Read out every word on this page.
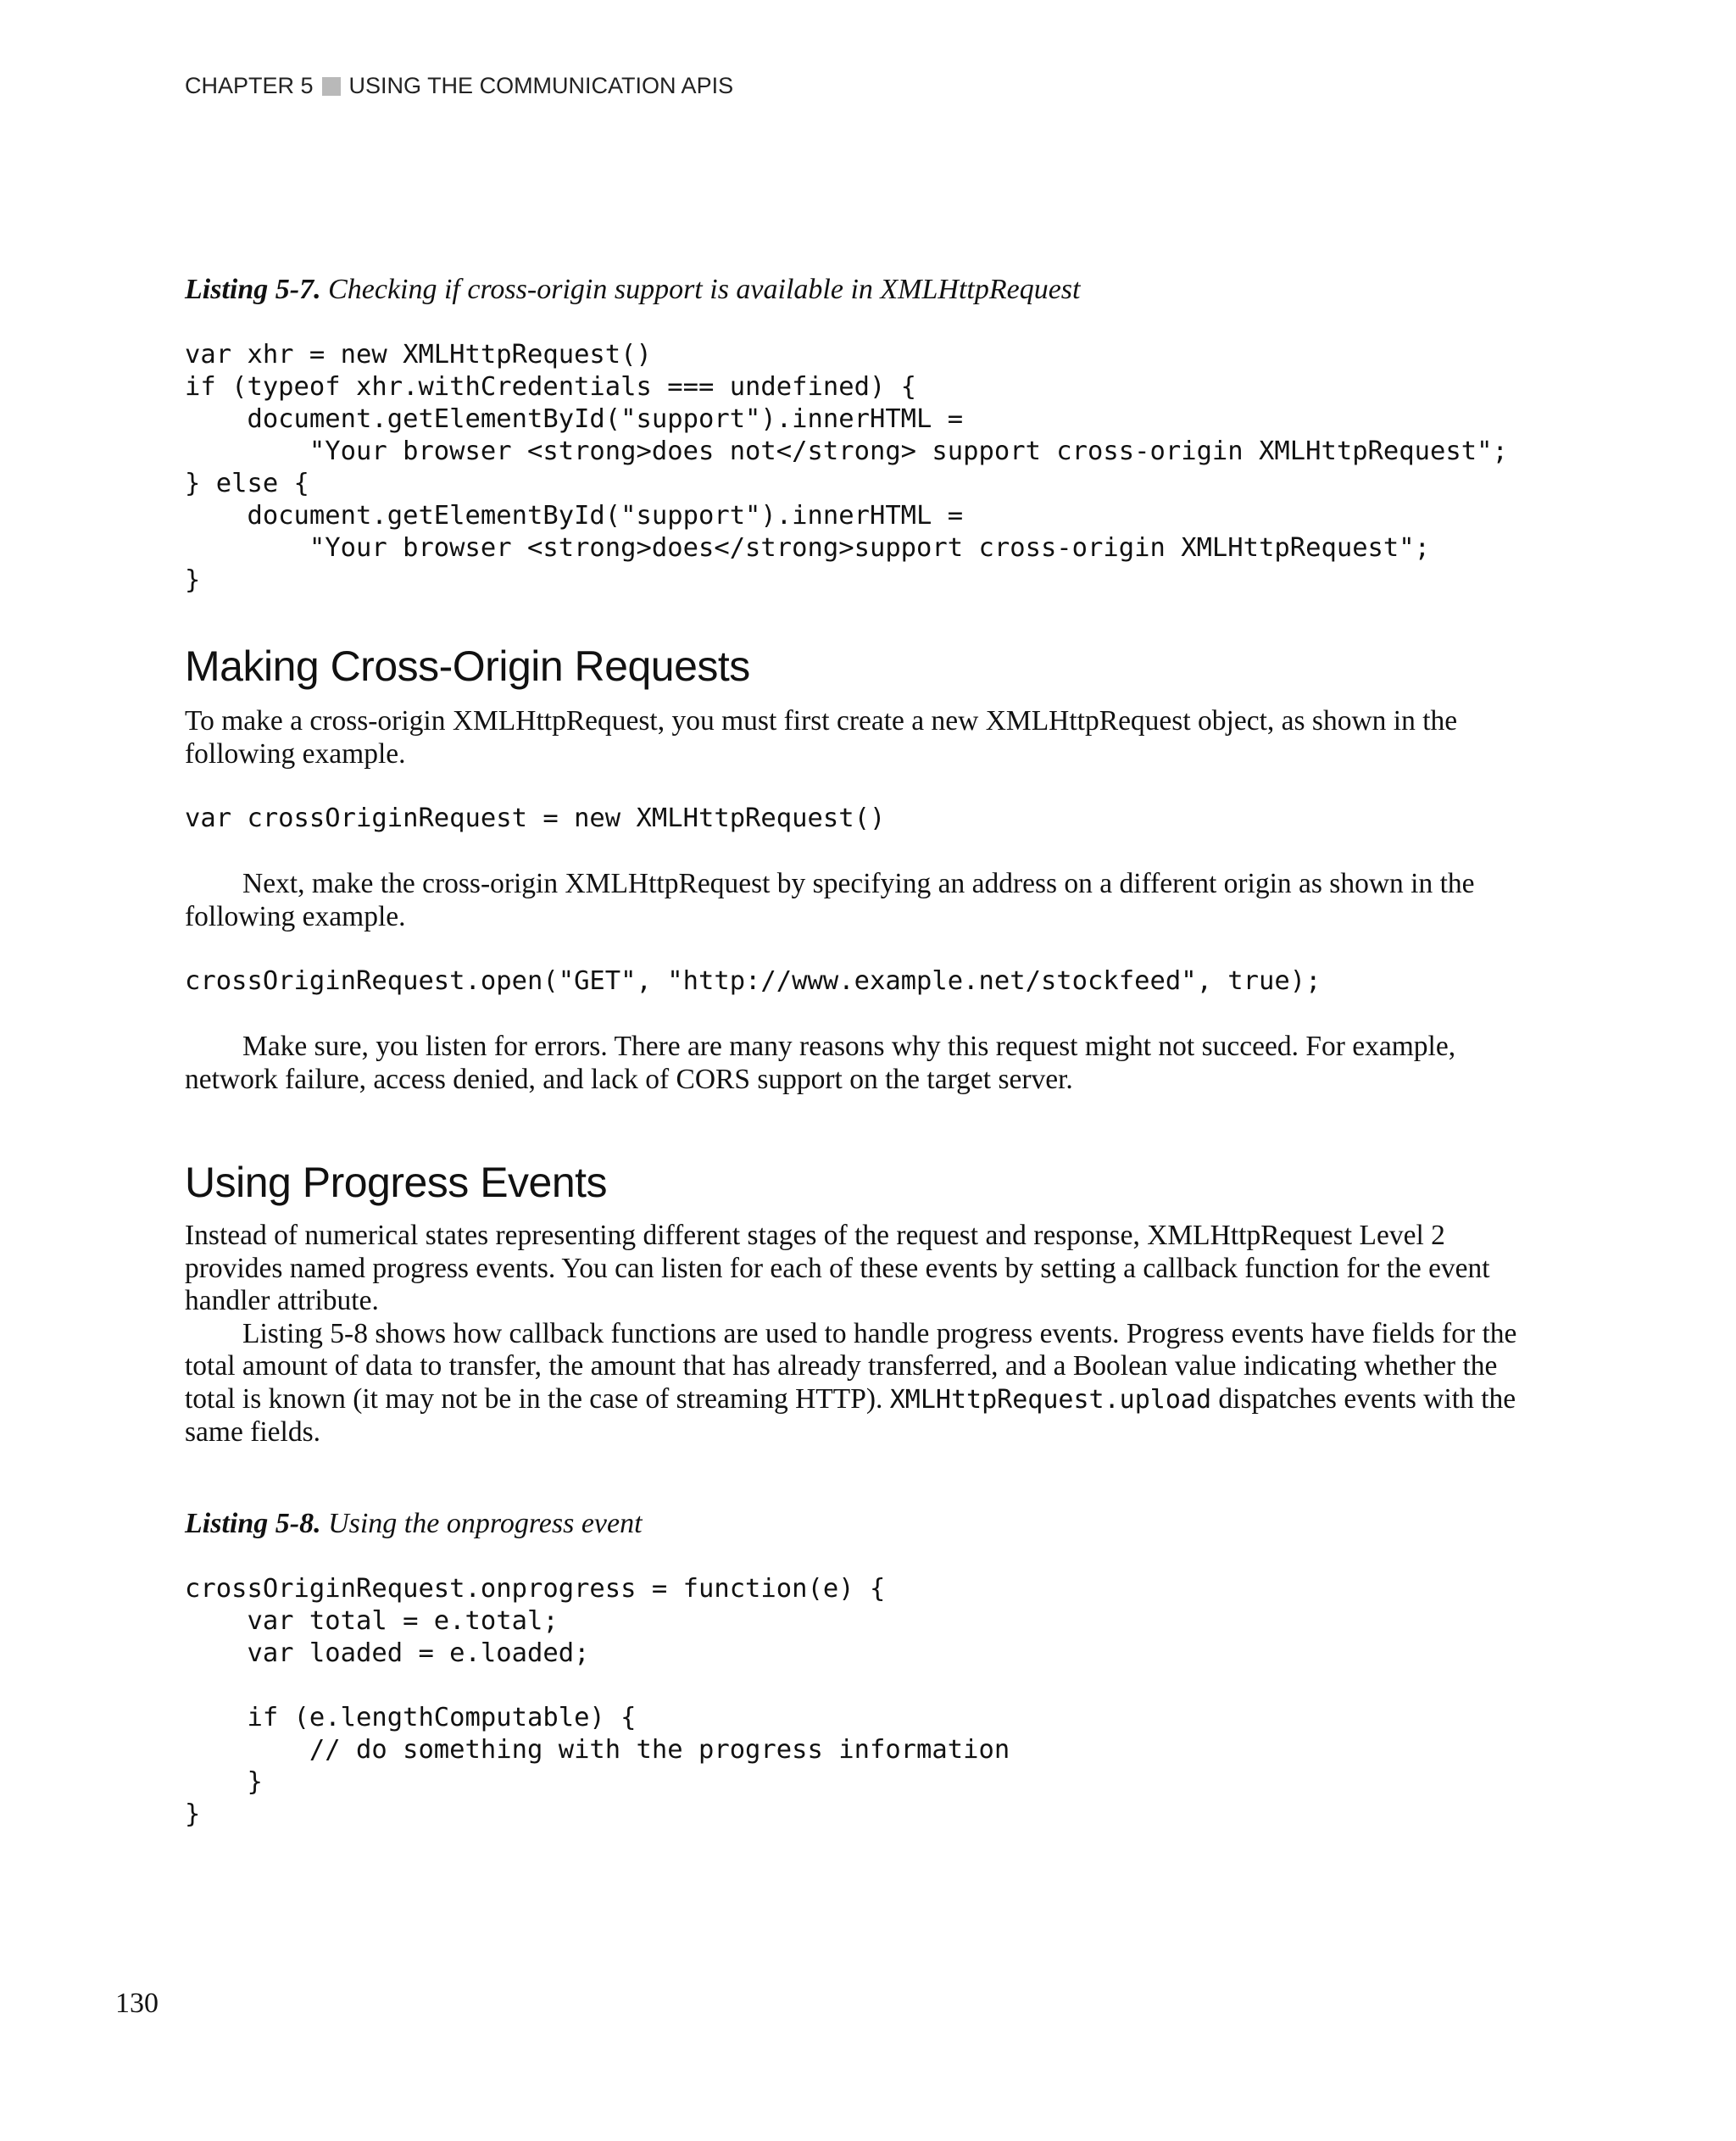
CHAPTER 5 USING THE COMMUNICATION APIS

Listing 5-7. Checking if cross-origin support is available in XMLHttpRequest

var xhr = new XMLHttpRequest()
if (typeof xhr.withCredentials === undefined) {
document.getElementById("support").innerHTML =
"Your browser <strong>does not</strong> support cross-origin XMLHttpRequest";
} else {
document.getElementById("support").innerHTML =
"Your browser <strong>does</strong>support cross-origin XMLHttpRequest";
}
Making Cross-Origin Requests

To make a cross-origin XMLHttpRequest, you must first create a new XMLHttpRequest object, as shown in the following example.

var crossOriginRequest = new XMLHttpRequest()

Next, make the cross-origin XMLHttpRequest by specifying an address on a different origin as shown in the following example.

crossOriginRequest.open("GET", "http://www.example.net/stockfeed", true);

Make sure, you listen for errors. There are many reasons why this request might not succeed. For example, network failure, access denied, and lack of CORS support on the target server.

Using Progress Events

Instead of numerical states representing different stages of the request and response, XMLHttpRequest Level 2 provides named progress events. You can listen for each of these events by setting a callback function for the event handler attribute.

Listing 5-8 shows how callback functions are used to handle progress events. Progress events have fields for the total amount of data to transfer, the amount that has already transferred, and a Boolean value indicating whether the total is known (it may not be in the case of streaming HTTP). XMLHttpRequest.upload dispatches events with the same fields.

Listing 5-8. Using the onprogress event

crossOriginRequest.onprogress = function(e) {
var total = e.total;
var loaded = e.loaded;

if (e.lengthComputable) {
// do something with the progress information
}
}
130
